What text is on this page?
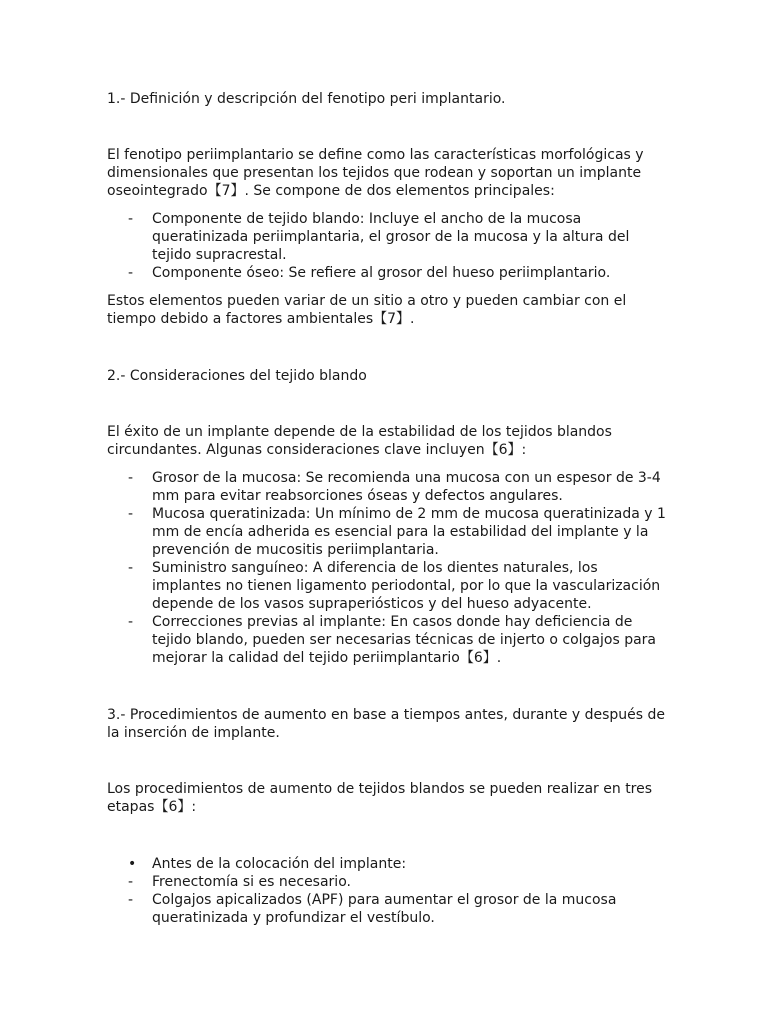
1.- Definición y descripción del fenotipo peri implantario.

El fenotipo periimplantario se define como las características morfológicas y dimensionales que presentan los tejidos que rodean y soportan un implante oseointegrado【7】. Se compone de dos elementos principales:

-	Componente de tejido blando: Incluye el ancho de la mucosa queratinizada periimplantaria, el grosor de la mucosa y la altura del tejido supracrestal.
-	Componente óseo: Se refiere al grosor del hueso periimplantario.

Estos elementos pueden variar de un sitio a otro y pueden cambiar con el tiempo debido a factores ambientales【7】.

2.- Consideraciones del tejido blando

El éxito de un implante depende de la estabilidad de los tejidos blandos circundantes. Algunas consideraciones clave incluyen【6】:

-	Grosor de la mucosa: Se recomienda una mucosa con un espesor de 3-4 mm para evitar reabsorciones óseas y defectos angulares.
-	Mucosa queratinizada: Un mínimo de 2 mm de mucosa queratinizada y 1 mm de encía adherida es esencial para la estabilidad del implante y la prevención de mucositis periimplantaria.
-	Suministro sanguíneo: A diferencia de los dientes naturales, los implantes no tienen ligamento periodontal, por lo que la vascularización depende de los vasos supraperiósticos y del hueso adyacente.
-	Correcciones previas al implante: En casos donde hay deficiencia de tejido blando, pueden ser necesarias técnicas de injerto o colgajos para mejorar la calidad del tejido periimplantario【6】.

3.- Procedimientos de aumento en base a tiempos antes, durante y después de la inserción de implante.

Los procedimientos de aumento de tejidos blandos se pueden realizar en tres etapas【6】:

•	Antes de la colocación del implante:
-	Frenectomía si es necesario.
-	Colgajos apicalizados (APF) para aumentar el grosor de la mucosa queratinizada y profundizar el vestíbulo.
